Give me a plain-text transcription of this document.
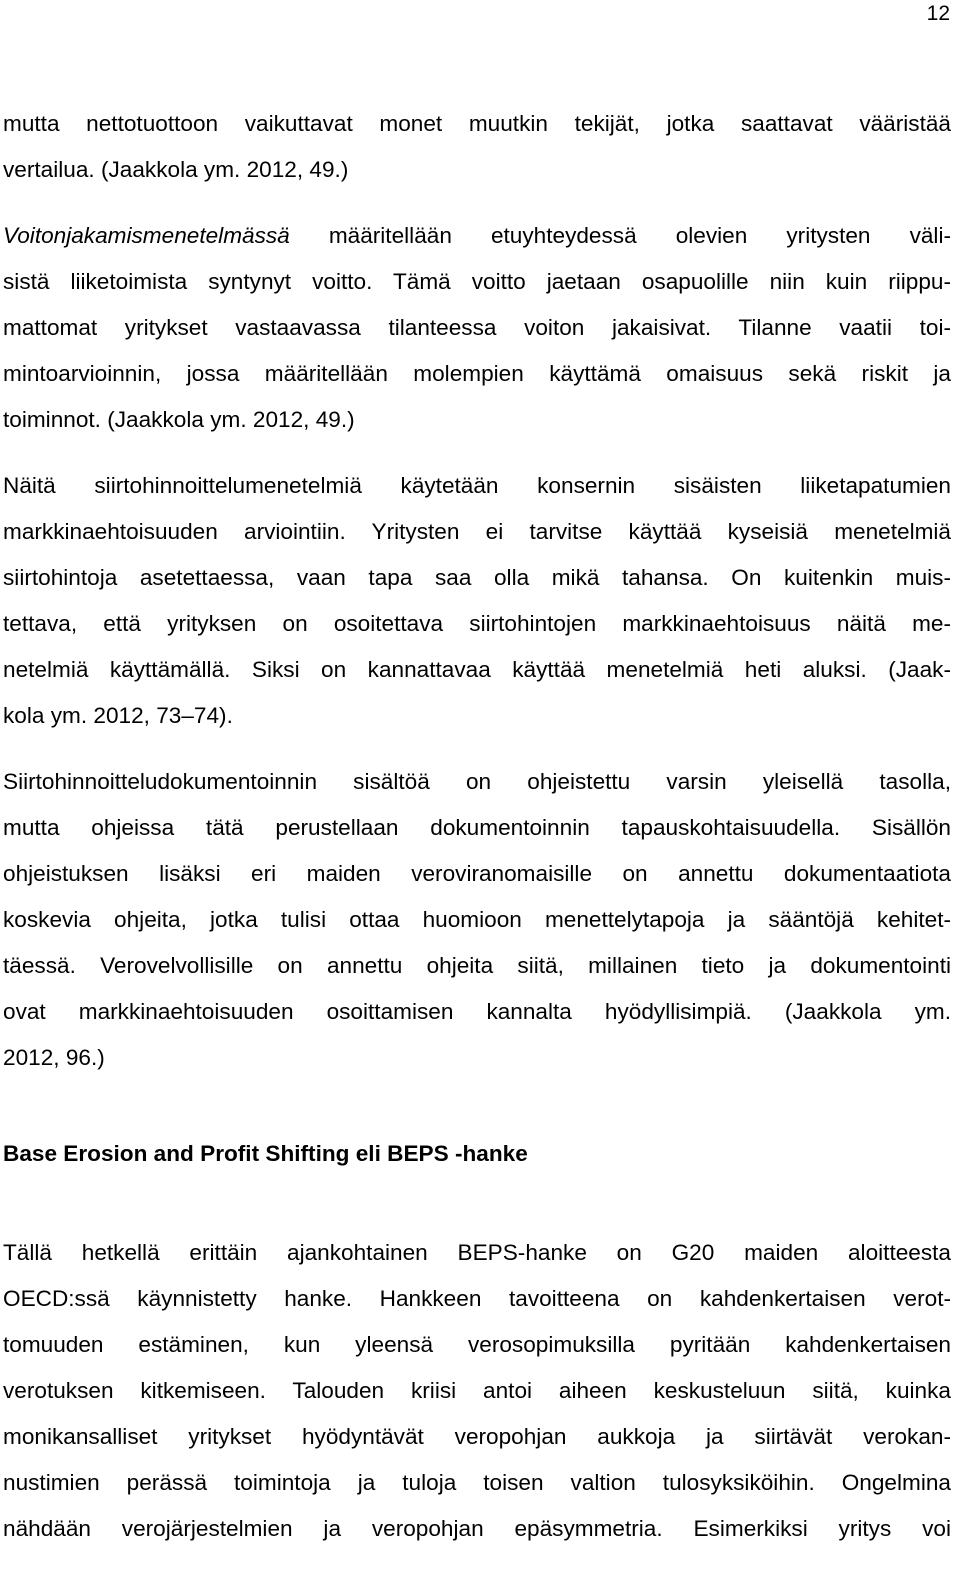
12

mutta nettotuottoon vaikuttavat monet muutkin tekijät, jotka saattavat vääristää
vertailua. (Jaakkola ym. 2012, 49.)

Voitonjakamismenetelmässä määritellään etuyhteydessä olevien yritysten väli-
sistä liiketoimista syntynyt voitto. Tämä voitto jaetaan osapuolille niin kuin riippu-
mattomat yritykset vastaavassa tilanteessa voiton jakaisivat. Tilanne vaatii toi-
mintoarvioinnin, jossa määritellään molempien käyttämä omaisuus sekä riskit ja
toiminnot. (Jaakkola ym. 2012, 49.)

Näitä siirtohinnoittelumenetelmiä käytetään konsernin sisäisten liiketapatumien
markkinaehtoisuuden arviointiin. Yritysten ei tarvitse käyttää kyseisiä menetelmiä
siirtohintoja asetettaessa, vaan tapa saa olla mikä tahansa. On kuitenkin muis-
tettava, että yrityksen on osoitettava siirtohintojen markkinaehtoisuus näitä me-
netelmiä käyttämällä. Siksi on kannattavaa käyttää menetelmiä heti aluksi. (Jaak-
kola ym. 2012, 73–74).

Siirtohinnoitteludokumentoinnin sisältöä on ohjeistettu varsin yleisellä tasolla,
mutta ohjeissa tätä perustellaan dokumentoinnin tapauskohtaisuudella. Sisällön
ohjeistuksen lisäksi eri maiden veroviranomaisille on annettu dokumentaatiota
koskevia ohjeita, jotka tulisi ottaa huomioon menettelytapoja ja sääntöjä kehitet-
täessä. Verovelvollisille on annettu ohjeita siitä, millainen tieto ja dokumentointi
ovat markkinaehtoisuuden osoittamisen kannalta hyödyllisimpiä. (Jaakkola ym.
2012, 96.)

Base Erosion and Profit Shifting eli BEPS -hanke

Tällä hetkellä erittäin ajankohtainen BEPS-hanke on G20 maiden aloitteesta
OECD:ssä käynnistetty hanke. Hankkeen tavoitteena on kahdenkertaisen verot-
tomuuden estäminen, kun yleensä verosopimuksilla pyritään kahdenkertaisen
verotuksen kitkemiseen. Talouden kriisi antoi aiheen keskusteluun siitä, kuinka
monikansalliset yritykset hyödyntävät veropohjan aukkoja ja siirtävät verokan-
nustimien perässä toimintoja ja tuloja toisen valtion tulosyksiköihin. Ongelmina
nähdään verojärjestelmien ja veropohjan epäsymmetria. Esimerkiksi yritys voi
